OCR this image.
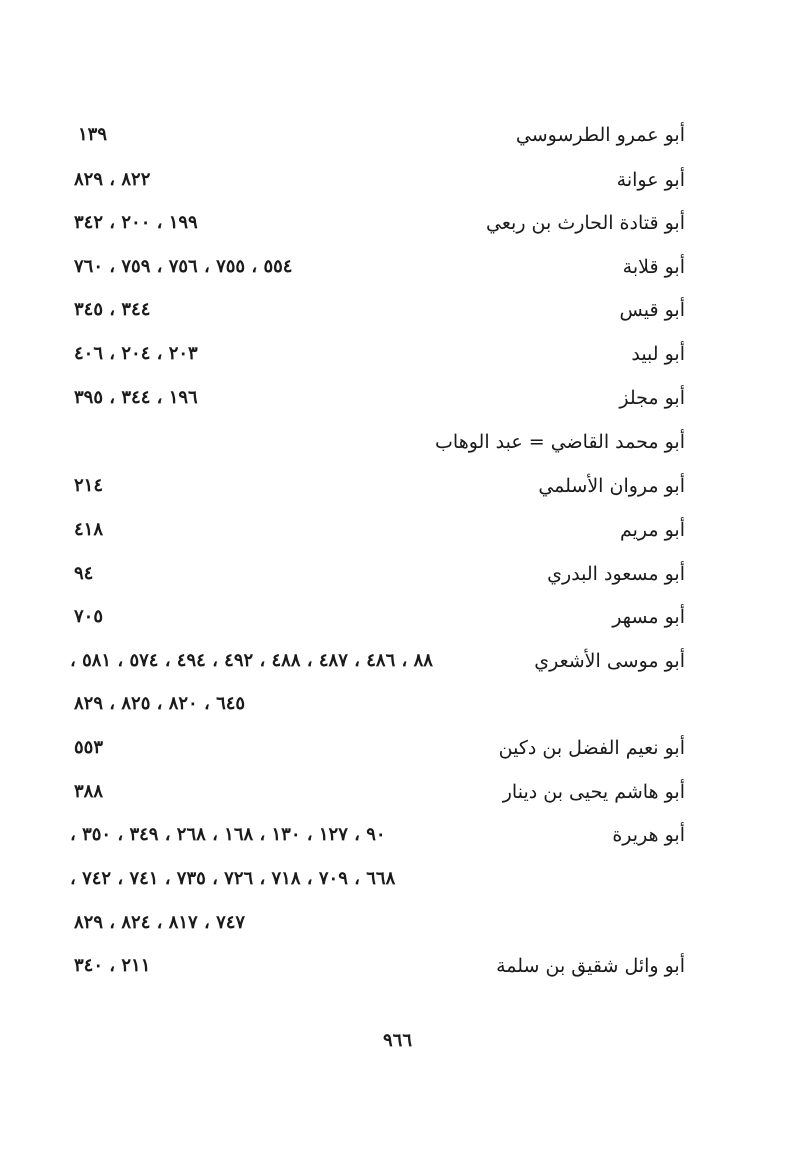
أبو عمرو الطرسوسي
١٣٩
أبو عوانة
٨٢٢ ، ٨٢٩
أبو قتادة الحارث بن ربعي
١٩٩ ، ٢٠٠ ، ٣٤٢
أبو قلابة
٥٥٤ ، ٧٥٥ ، ٧٥٦ ، ٧٥٩ ، ٧٦٠
أبو قيس
٣٤٤ ، ٣٤٥
أبو لبيد
٢٠٣ ، ٢٠٤ ، ٤٠٦
أبو مجلز
١٩٦ ، ٣٤٤ ، ٣٩٥
أبو محمد القاضي = عبد الوهاب
أبو مروان الأسلمي
٢١٤
أبو مريم
٤١٨
أبو مسعود البدري
٩٤
أبو مسهر
٧٠٥
أبو موسى الأشعري
٨٨ ، ٤٨٦ ، ٤٨٧ ، ٤٨٨ ، ٤٩٢ ، ٤٩٤ ، ٥٧٤ ، ٥٨١ ،
٦٤٥ ، ٨٢٠ ، ٨٢٥ ، ٨٢٩
أبو نعيم الفضل بن دكين
٥٥٣
أبو هاشم يحيى بن دينار
٣٨٨
أبو هريرة
٩٠ ، ١٢٧ ، ١٣٠ ، ١٦٨ ، ٢٦٨ ، ٣٤٩ ، ٣٥٠ ،
٦٦٨ ، ٧٠٩ ، ٧١٨ ، ٧٢٦ ، ٧٣٥ ، ٧٤١ ، ٧٤٢ ،
٧٤٧ ، ٨١٧ ، ٨٢٤ ، ٨٢٩
أبو وائل شقيق بن سلمة
٢١١ ، ٣٤٠
٩٦٦
